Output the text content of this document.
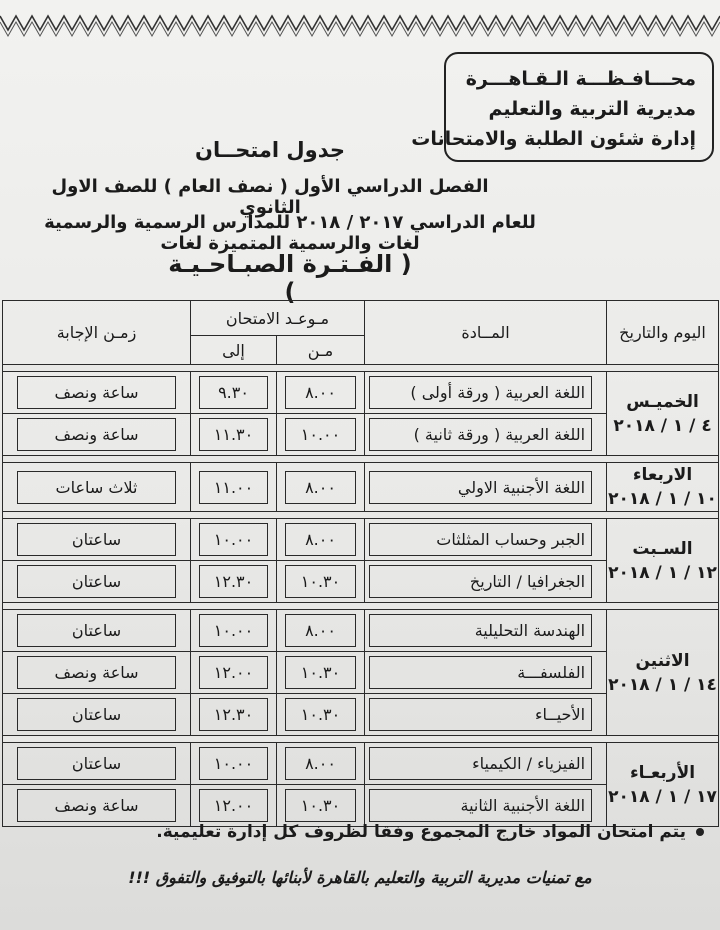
محـــافـظـــة الـقـاهـــرة
مديرية التربية والتعليم
إدارة شئون الطلبة والامتحانات
جدول امتحــان
الفصل الدراسي الأول ( نصف العام ) للصف الاول الثانوي
للعام الدراسي ٢٠١٧ / ٢٠١٨ للمدارس الرسمية والرسمية لغات والرسمية المتميزة لغات
( الفـتـرة الصبـاحـيـة )
اليوم والتاريخ	المــادة	مـوعـد الامتحان		زمـن الإجابة
		مـن	إلى	

الخميـس
٤ / ١ / ٢٠١٨	اللغة العربية ( ورقة أولى )	٨.٠٠	٩.٣٠	ساعة ونصف

	اللغة العربية ( ورقة ثانية )	١٠.٠٠	١١.٣٠	ساعة ونصف

الاربعاء
١٠ / ١ / ٢٠١٨	اللغة الأجنبية الاولي	٨.٠٠	١١.٠٠	ثلاث ساعات

السـبت
١٢ / ١ / ٢٠١٨	الجبر وحساب المثلثات	٨.٠٠	١٠.٠٠	ساعتان

	الجغرافيا / التاريخ	١٠.٣٠	١٢.٣٠	ساعتان

الاثنين
١٤ / ١ / ٢٠١٨	الهندسة التحليلية	٨.٠٠	١٠.٠٠	ساعتان

	الفلسفـــة	١٠.٣٠	١٢.٠٠	ساعة ونصف

	الأحيــاء	١٠.٣٠	١٢.٣٠	ساعتان

الأربعـاء
١٧ / ١ / ٢٠١٨	الفيزياء / الكيمياء	٨.٠٠	١٠.٠٠	ساعتان

	اللغة الأجنبية الثانية	١٠.٣٠	١٢.٠٠	ساعة ونصف
يتم امتحان المواد خارج المجموع وفقا لظروف كل إدارة تعليمية.
مع تمنيات مديرية التربية والتعليم بالقاهرة لأبنائها بالتوفيق والتفوق !!!
